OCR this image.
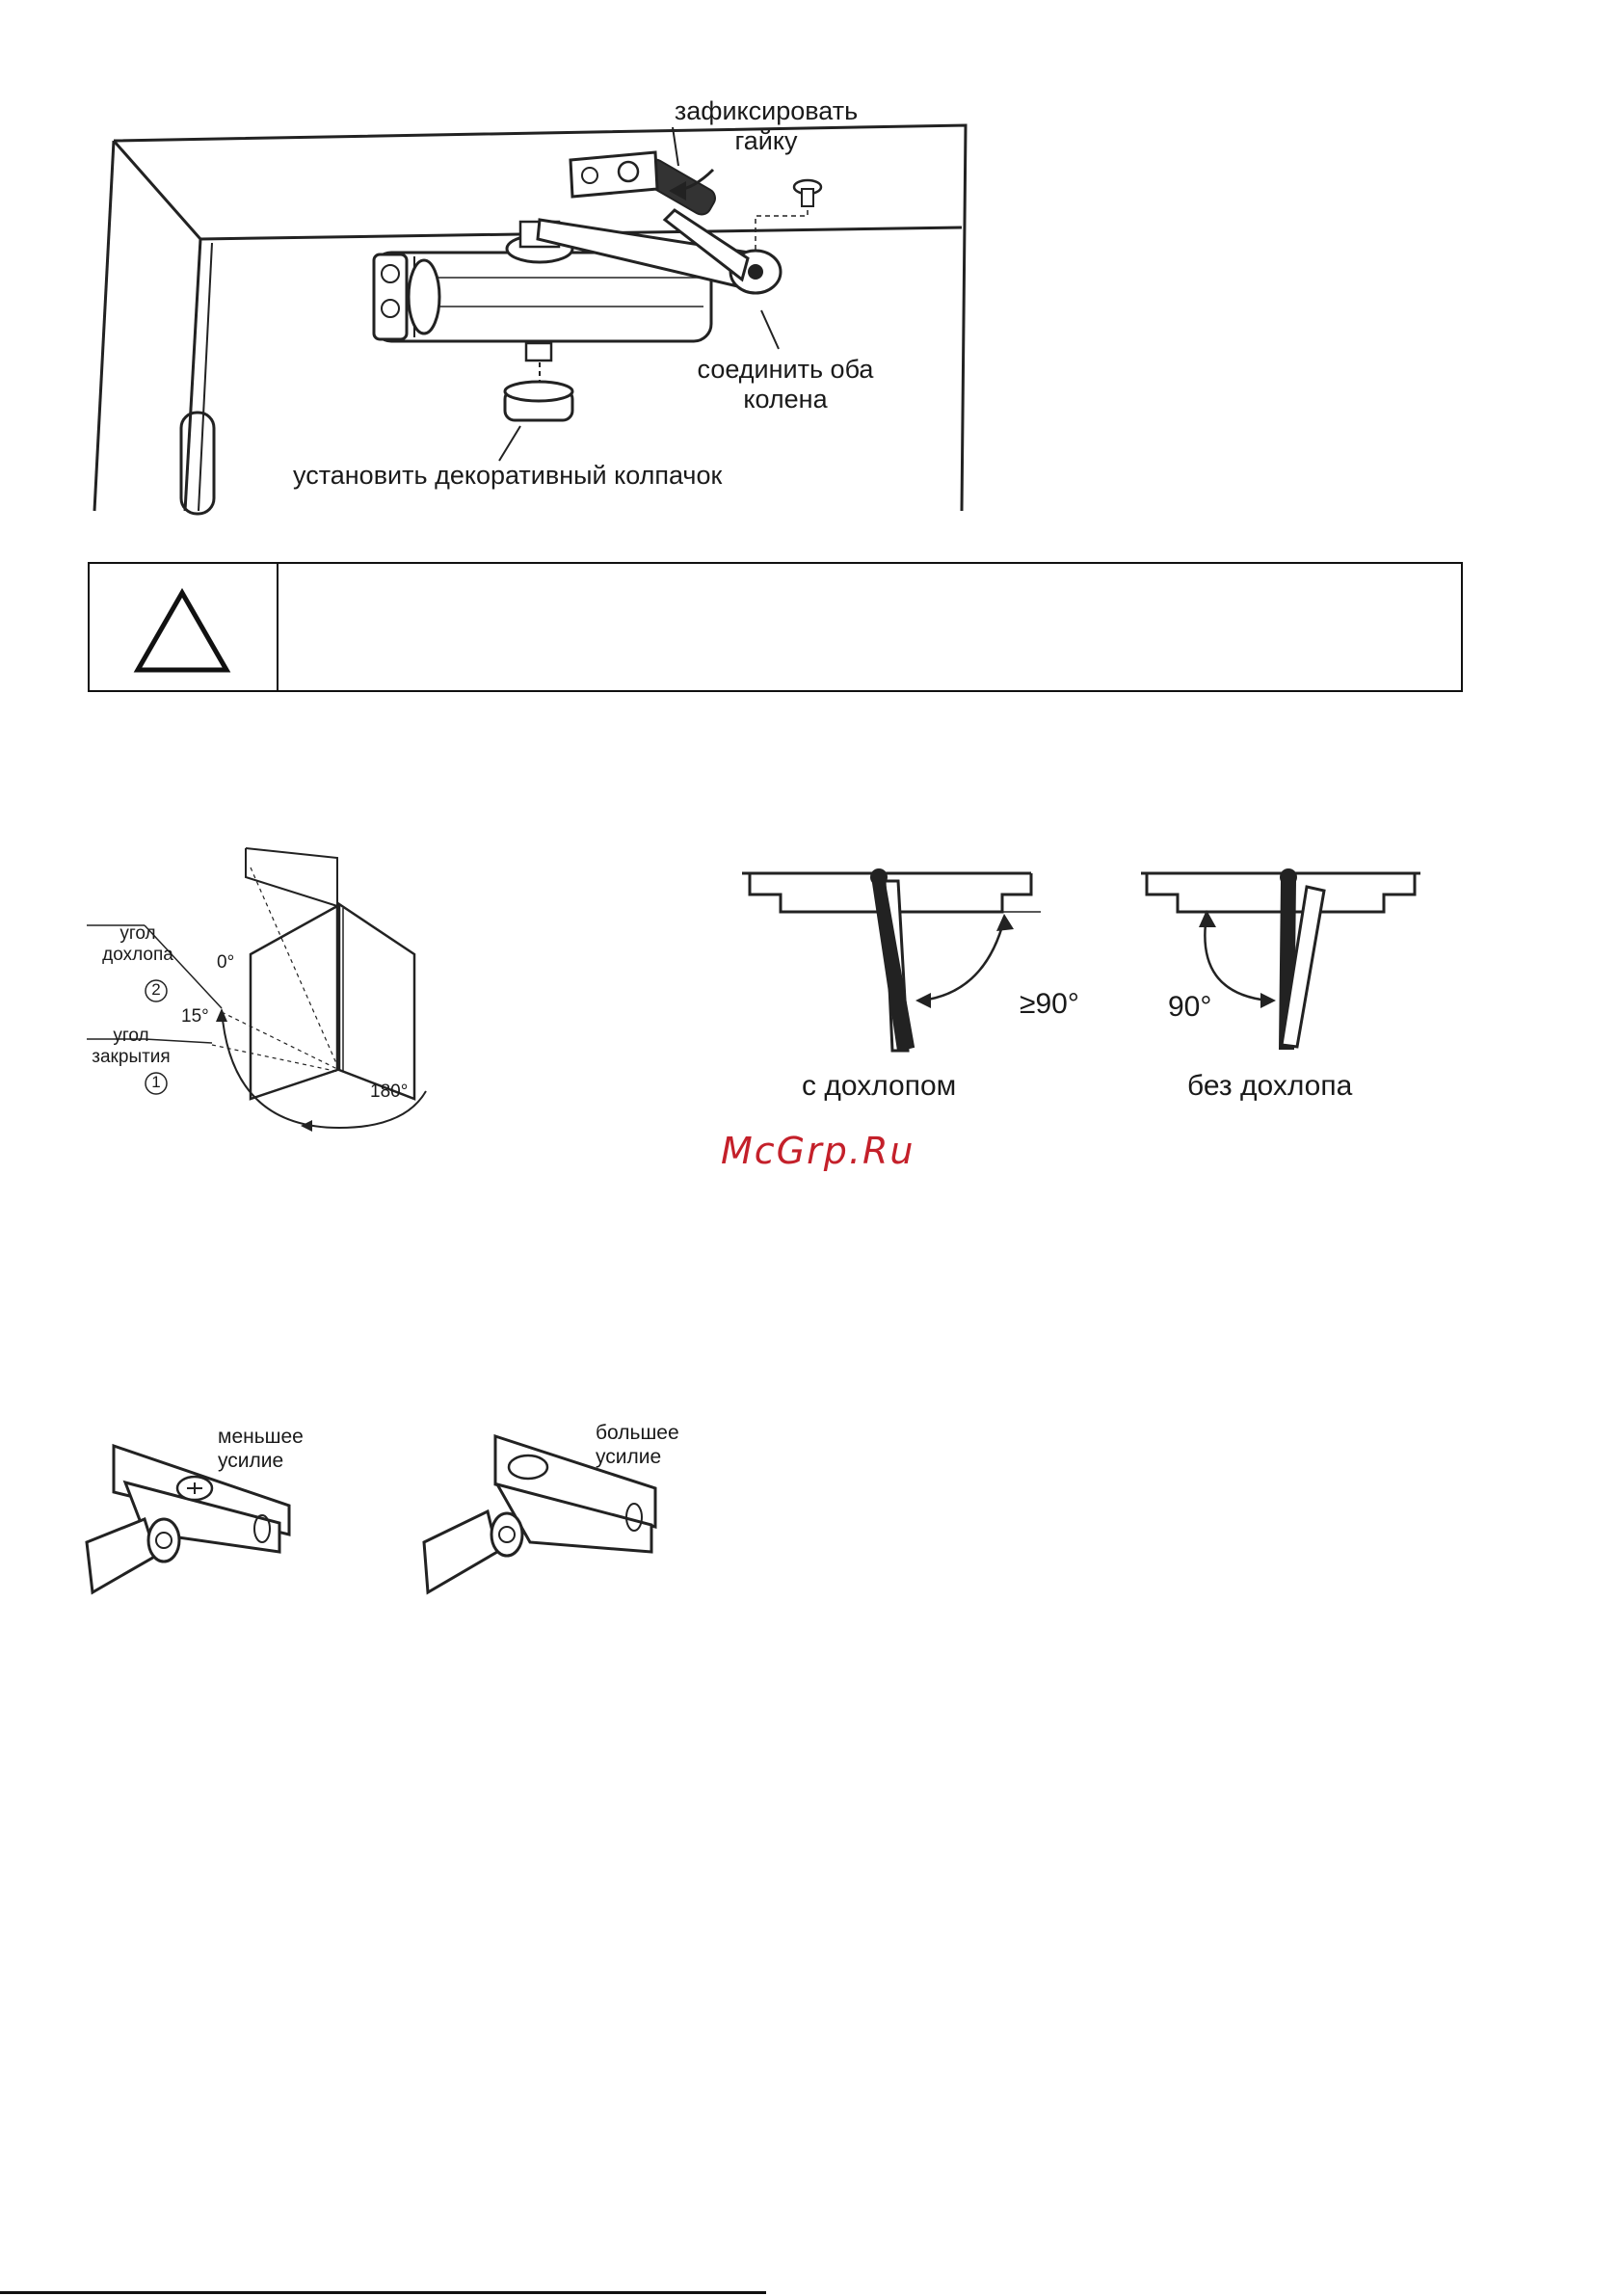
зафиксировать
гайку
соединить оба
колена
установить декоративный колпачок
угол
дохлопа
2
угол
закрытия
1
0°
15°
180°
≥90°
с дохлопом
90°
без дохлопа
McGrp.Ru
меньшее
усилие
большее
усилие
